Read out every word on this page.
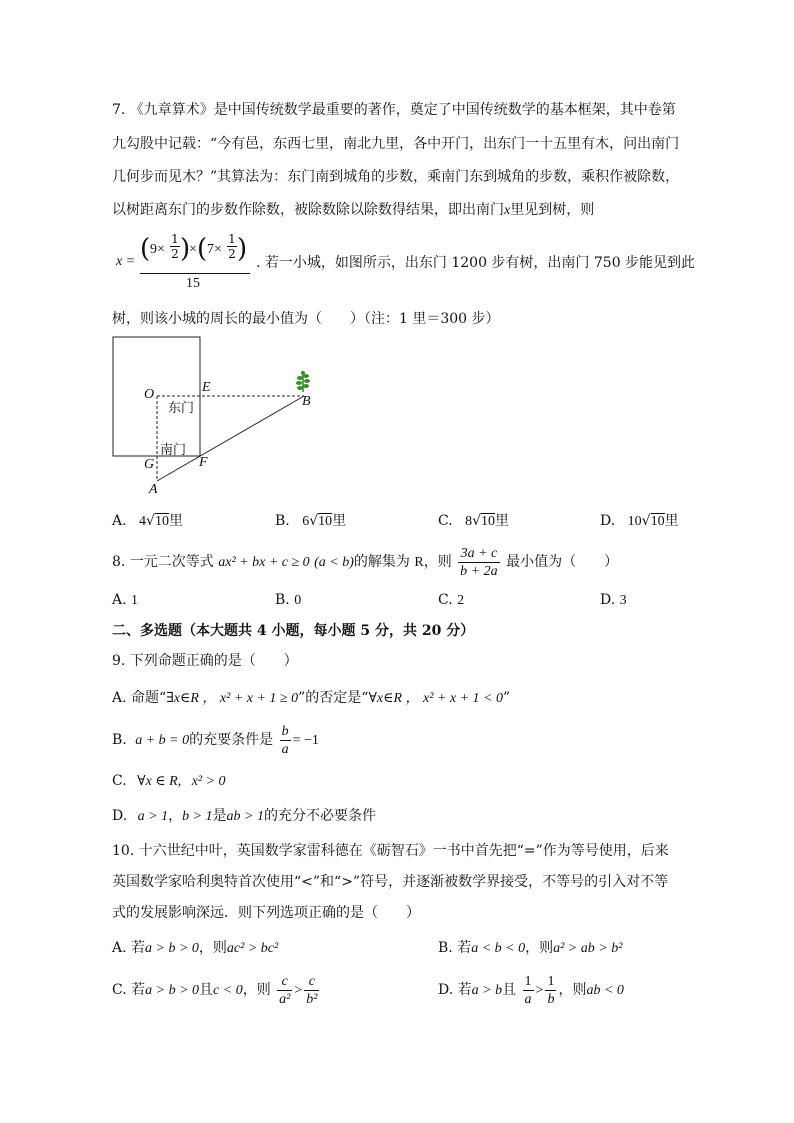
7. 《九章算术》是中国传统数学最重要的著作，奠定了中国传统数学的基本框架，其中卷第
九勾股中记载：“今有邑，东西七里，南北九里，各中开门，出东门一十五里有木，问出南门
几何步而见木？”其算法为：东门南到城角的步数，乘南门东到城角的步数，乘积作被除数，
以树距离东门的步数作除数，被除数除以除数得结果，即出南门x里见到树，则
x = ( $9\times \frac{1}{2}$ )
× ( $7\times \frac{1}{2}$ )
15
. 若一小城，如图所示，出东门 1200 步有树，出南门 750 步能见到此
树，则该小城的周长的最小值为（　　）（注：1 里＝300 步）
O	E
B
G	F
A
东门
南门
A. 4√10里	B. 6√10里	C. 8√10里	D. 10√10里
8. 一元二次等式 ax² + bx + c ≥ 0 (a < b)的解集为 R，则 $\frac{3a + c}{b + 2a}$ 最小值为（　　）
A. 1	B. 0	C. 2	D. 3
二、多选题（本大题共 4 小题，每小题 5 分，共 20 分）
9. 下列命题正确的是（　　）
A. 命题“∃x∈R ， x² + x + 1 ≥ 0”的否定是“∀x∈R ， x² + x + 1 < 0”
B. a + b = 0的充要条件是 $\frac{b}{a} = -1$
C. ∀x ∈ R,   x² > 0
D. a > 1，b > 1是ab > 1的充分不必要条件
10. 十六世纪中叶，英国数学家雷科德在《砺智石》一书中首先把“=”作为等号使用，后来
英国数学家哈利奥特首次使用“<”和“>”符号，并逐渐被数学界接受，不等号的引入对不等
式的发展影响深远．则下列选项正确的是（　　）
A. 若a > b > 0，则ac² > bc²	B. 若a < b < 0，则a² > ab > b²
C. 若a > b > 0且c < 0，则 $\frac{c}{\text{a²}} > \frac{c}{\text{b²}}$	D. 若a > b且 $\frac{1}{a} > \frac{1}{b}$ ，则ab < 0
